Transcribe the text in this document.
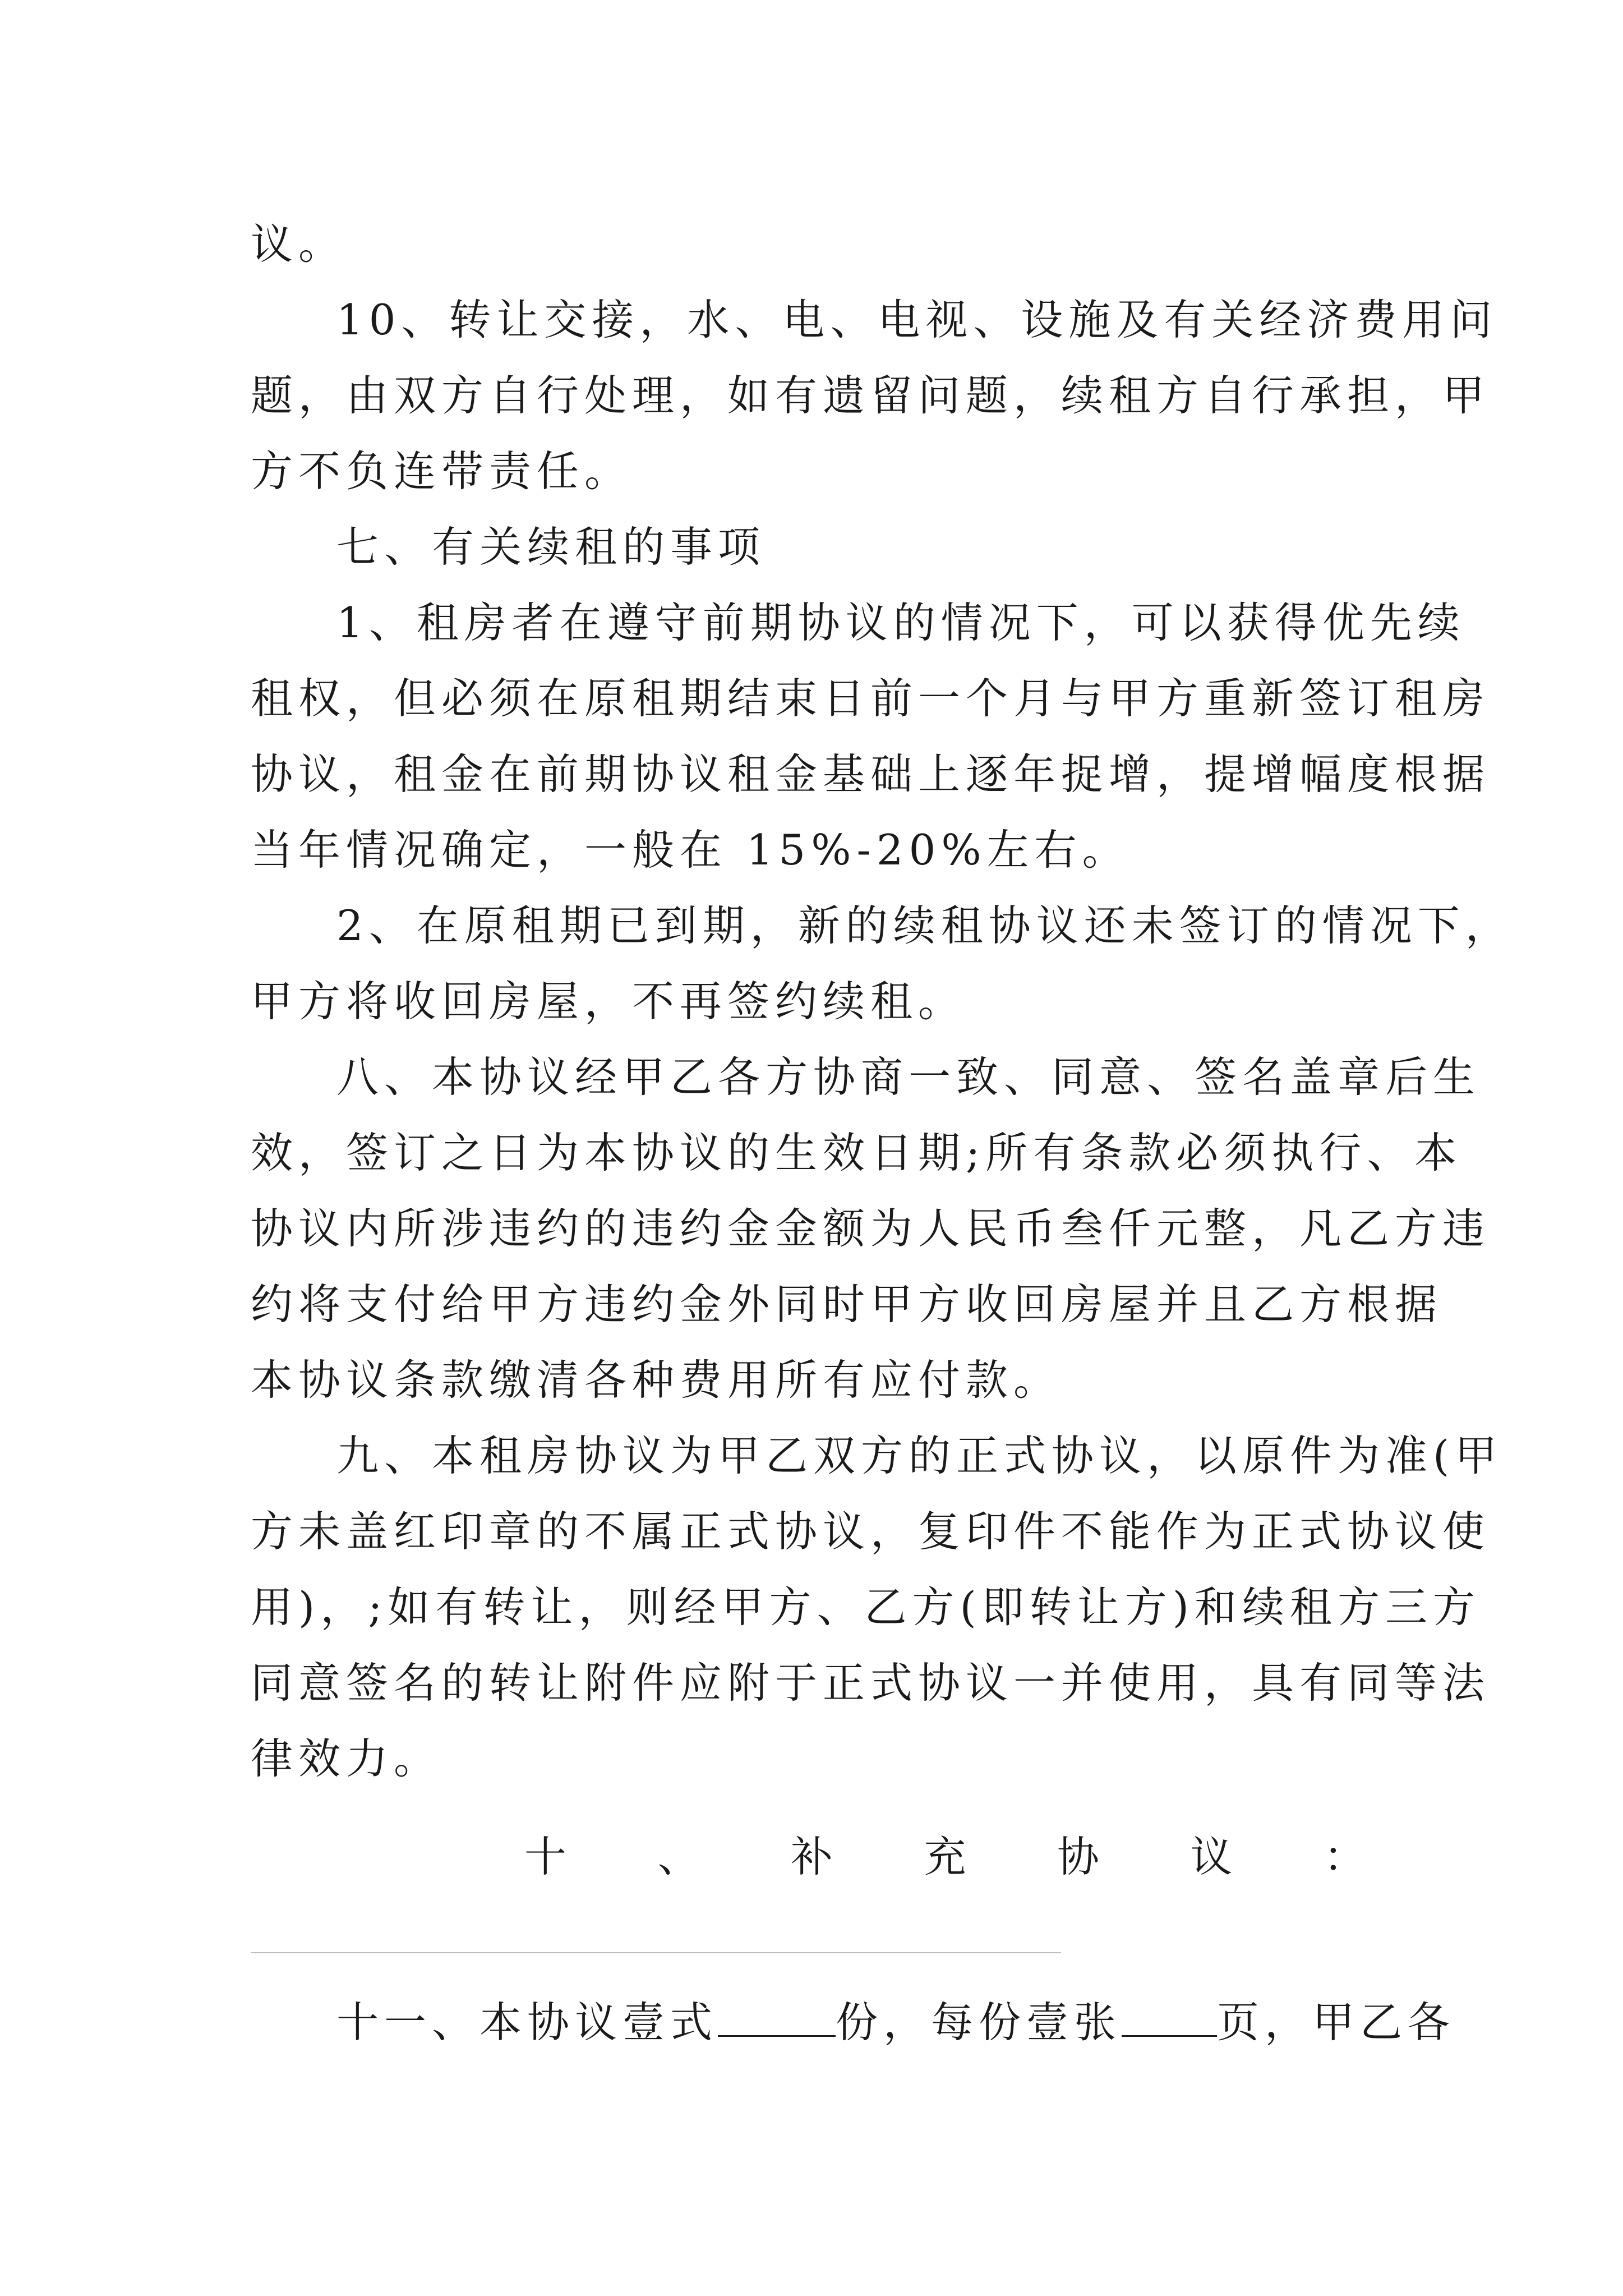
议。
10、转让交接，水、电、电视、设施及有关经济费用问
题，由双方自行处理，如有遗留问题，续租方自行承担，甲
方不负连带责任。
七、有关续租的事项
1、租房者在遵守前期协议的情况下，可以获得优先续
租权，但必须在原租期结束日前一个月与甲方重新签订租房
协议，租金在前期协议租金基础上逐年捉增，提增幅度根据
当年情况确定，一般在 15%-20%左右。
2、在原租期已到期，新的续租协议还未签订的情况下，
甲方将收回房屋，不再签约续租。
八、本协议经甲乙各方协商一致、同意、签名盖章后生
效，签订之日为本协议的生效日期;所有条款必须执行、本
协议内所涉违约的违约金金额为人民币叁仟元整，凡乙方违
约将支付给甲方违约金外同时甲方收回房屋并且乙方根据
本协议条款缴清各种费用所有应付款。
九、本租房协议为甲乙双方的正式协议，以原件为准(甲
方未盖红印章的不属正式协议，复印件不能作为正式协议使
用)，;如有转让，则经甲方、乙方(即转让方)和续租方三方
同意签名的转让附件应附于正式协议一并使用，具有同等法
律效力。
十、补充协议：
十一、本协议壹式	份，每份壹张 页，甲乙各
